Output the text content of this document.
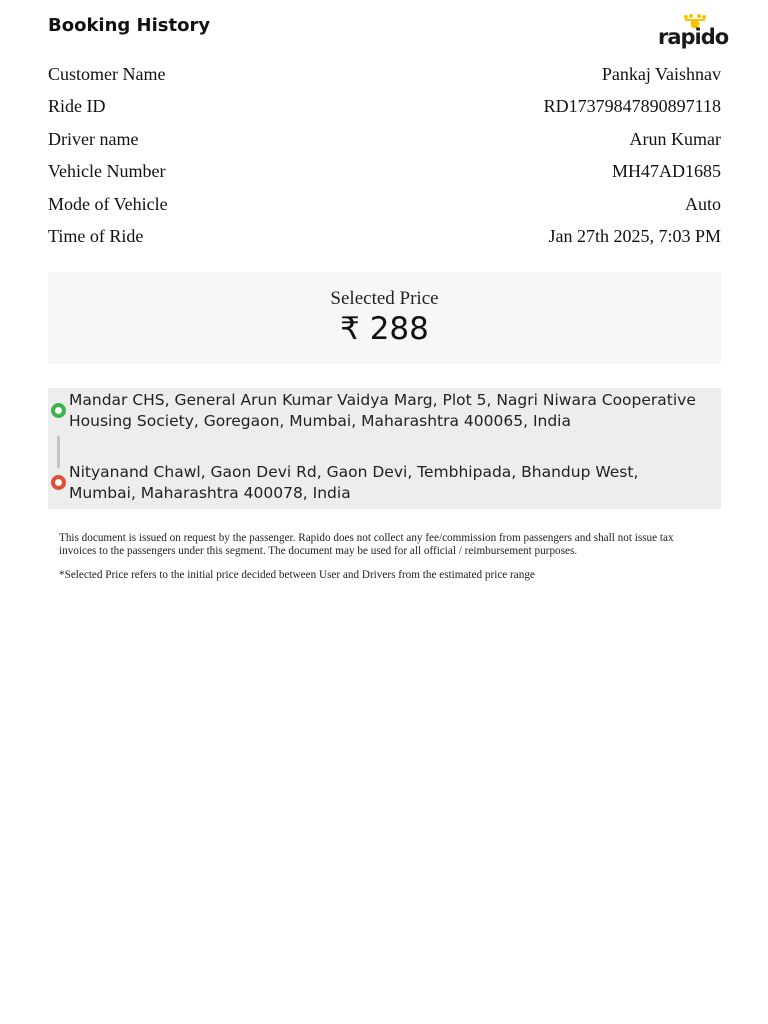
Booking History	rapido
Customer Name	Pankaj Vaishnav
Ride ID	RD17379847890897118
Driver name	Arun Kumar
Vehicle Number	MH47AD1685
Mode of Vehicle	Auto
Time of Ride	Jan 27th 2025, 7:03 PM
Selected Price
₹ 288
Mandar CHS, General Arun Kumar Vaidya Marg, Plot 5, Nagri Niwara Cooperative Housing Society, Goregaon, Mumbai, Maharashtra 400065, India
Nityanand Chawl, Gaon Devi Rd, Gaon Devi, Tembhipada, Bhandup West, Mumbai, Maharashtra 400078, India
This document is issued on request by the passenger. Rapido does not collect any fee/commission from passengers and shall not issue tax invoices to the passengers under this segment. The document may be used for all official / reimbursement purposes.
*Selected Price refers to the initial price decided between User and Drivers from the estimated price range
